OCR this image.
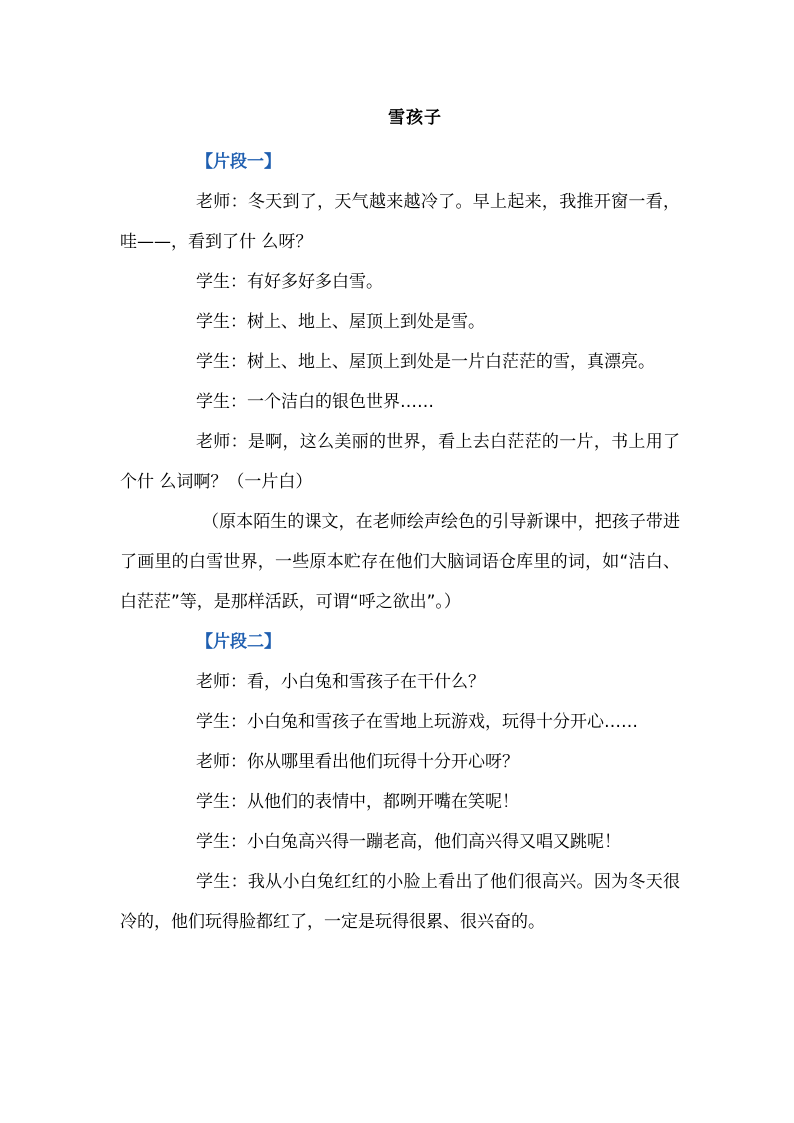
雪孩子

【片段一】

老师：冬天到了，天气越来越冷了。早上起来，我推开窗一看，哇——，看到了什 么呀？

学生：有好多好多白雪。

学生：树上、地上、屋顶上到处是雪。

学生：树上、地上、屋顶上到处是一片白茫茫的雪，真漂亮。

学生：一个洁白的银色世界……

老师：是啊，这么美丽的世界，看上去白茫茫的一片，书上用了个什 么词啊？（一片白）

（原本陌生的课文，在老师绘声绘色的引导新课中，把孩子带进了画里的白雪世界，一些原本贮存在他们大脑词语仓库里的词，如“洁白、白茫茫”等，是那样活跃，可谓“呼之欲出”。）

【片段二】

老师：看，小白兔和雪孩子在干什么？

学生：小白兔和雪孩子在雪地上玩游戏，玩得十分开心……

老师：你从哪里看出他们玩得十分开心呀？

学生：从他们的表情中，都咧开嘴在笑呢！

学生：小白兔高兴得一蹦老高，他们高兴得又唱又跳呢！

学生：我从小白兔红红的小脸上看出了他们很高兴。因为冬天很冷的，他们玩得脸都红了，一定是玩得很累、很兴奋的。
